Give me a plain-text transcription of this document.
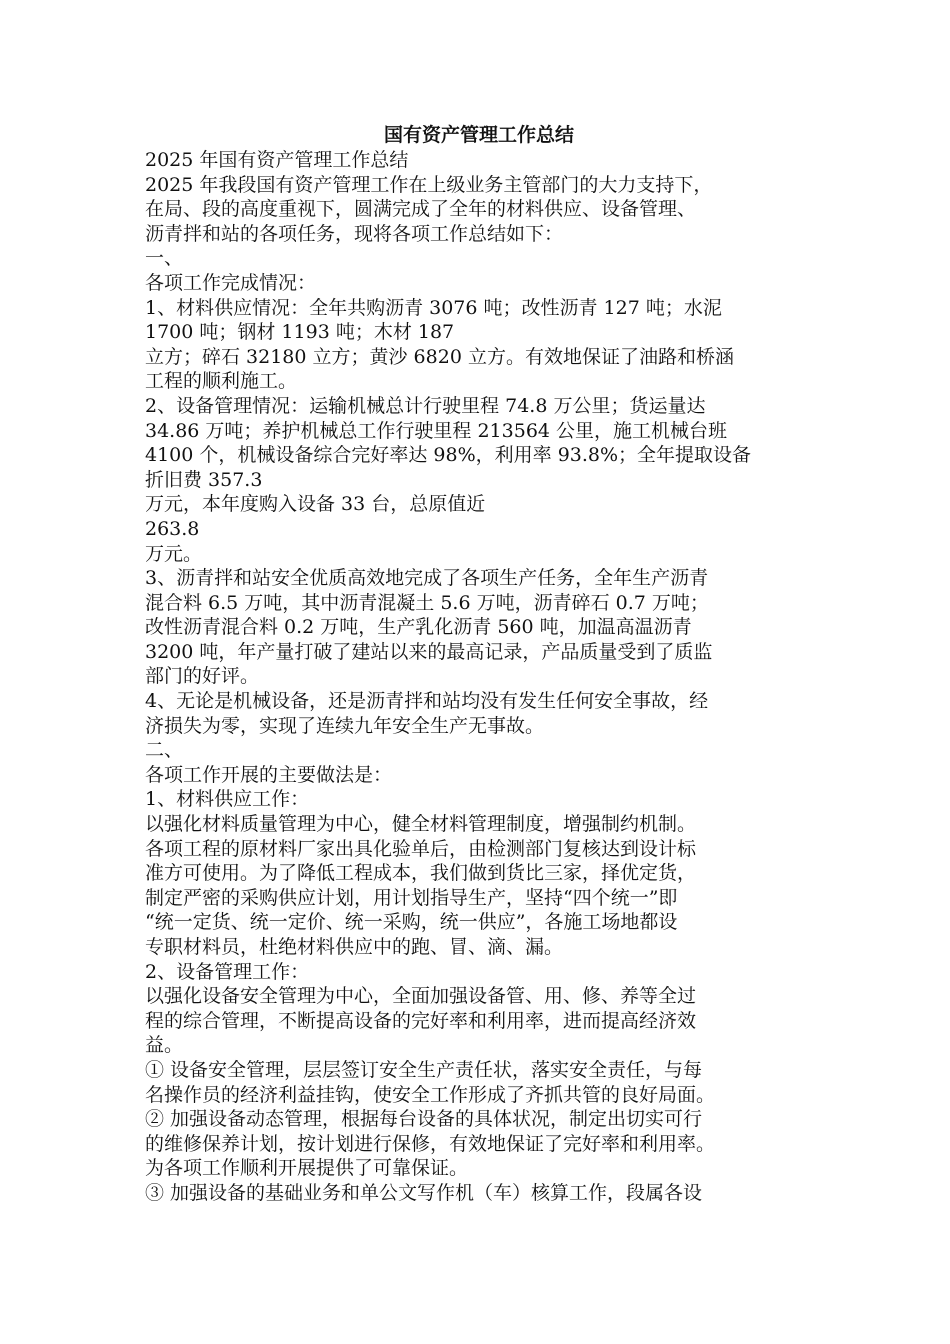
国有资产管理工作总结
2025 年国有资产管理工作总结
2025 年我段国有资产管理工作在上级业务主管部门的大力支持下，
在局、段的高度重视下，圆满完成了全年的材料供应、设备管理、
沥青拌和站的各项任务，现将各项工作总结如下：
一、
各项工作完成情况：
1、材料供应情况：全年共购沥青 3076 吨；改性沥青 127 吨；水泥
1700 吨；钢材 1193 吨；木材 187
立方；碎石 32180 立方；黄沙 6820 立方。有效地保证了油路和桥涵
工程的顺利施工。
2、设备管理情况：运输机械总计行驶里程 74.8 万公里；货运量达
34.86 万吨；养护机械总工作行驶里程 213564 公里，施工机械台班
4100 个，机械设备综合完好率达 98%，利用率 93.8%；全年提取设备
折旧费 357.3
万元，本年度购入设备 33 台，总原值近
263.8
万元。
3、沥青拌和站安全优质高效地完成了各项生产任务，全年生产沥青
混合料 6.5 万吨，其中沥青混凝土 5.6 万吨，沥青碎石 0.7 万吨；
改性沥青混合料 0.2 万吨，生产乳化沥青 560 吨，加温高温沥青
3200 吨，年产量打破了建站以来的最高记录，产品质量受到了质监
部门的好评。
4、无论是机械设备，还是沥青拌和站均没有发生任何安全事故，经
济损失为零，实现了连续九年安全生产无事故。
二、
各项工作开展的主要做法是：
1、材料供应工作：
以强化材料质量管理为中心，健全材料管理制度，增强制约机制。
各项工程的原材料厂家出具化验单后，由检测部门复核达到设计标
准方可使用。为了降低工程成本，我们做到货比三家，择优定货，
制定严密的采购供应计划，用计划指导生产，坚持“四个统一”即
“统一定货、统一定价、统一采购，统一供应”，各施工场地都设
专职材料员，杜绝材料供应中的跑、冒、滴、漏。
2、设备管理工作：
以强化设备安全管理为中心，全面加强设备管、用、修、养等全过
程的综合管理，不断提高设备的完好率和利用率，进而提高经济效
益。
① 设备安全管理，层层签订安全生产责任状，落实安全责任，与每
名操作员的经济利益挂钩，使安全工作形成了齐抓共管的良好局面。
② 加强设备动态管理，根据每台设备的具体状况，制定出切实可行
的维修保养计划，按计划进行保修，有效地保证了完好率和利用率。
为各项工作顺利开展提供了可靠保证。
③ 加强设备的基础业务和单公文写作机（车）核算工作，段属各设
